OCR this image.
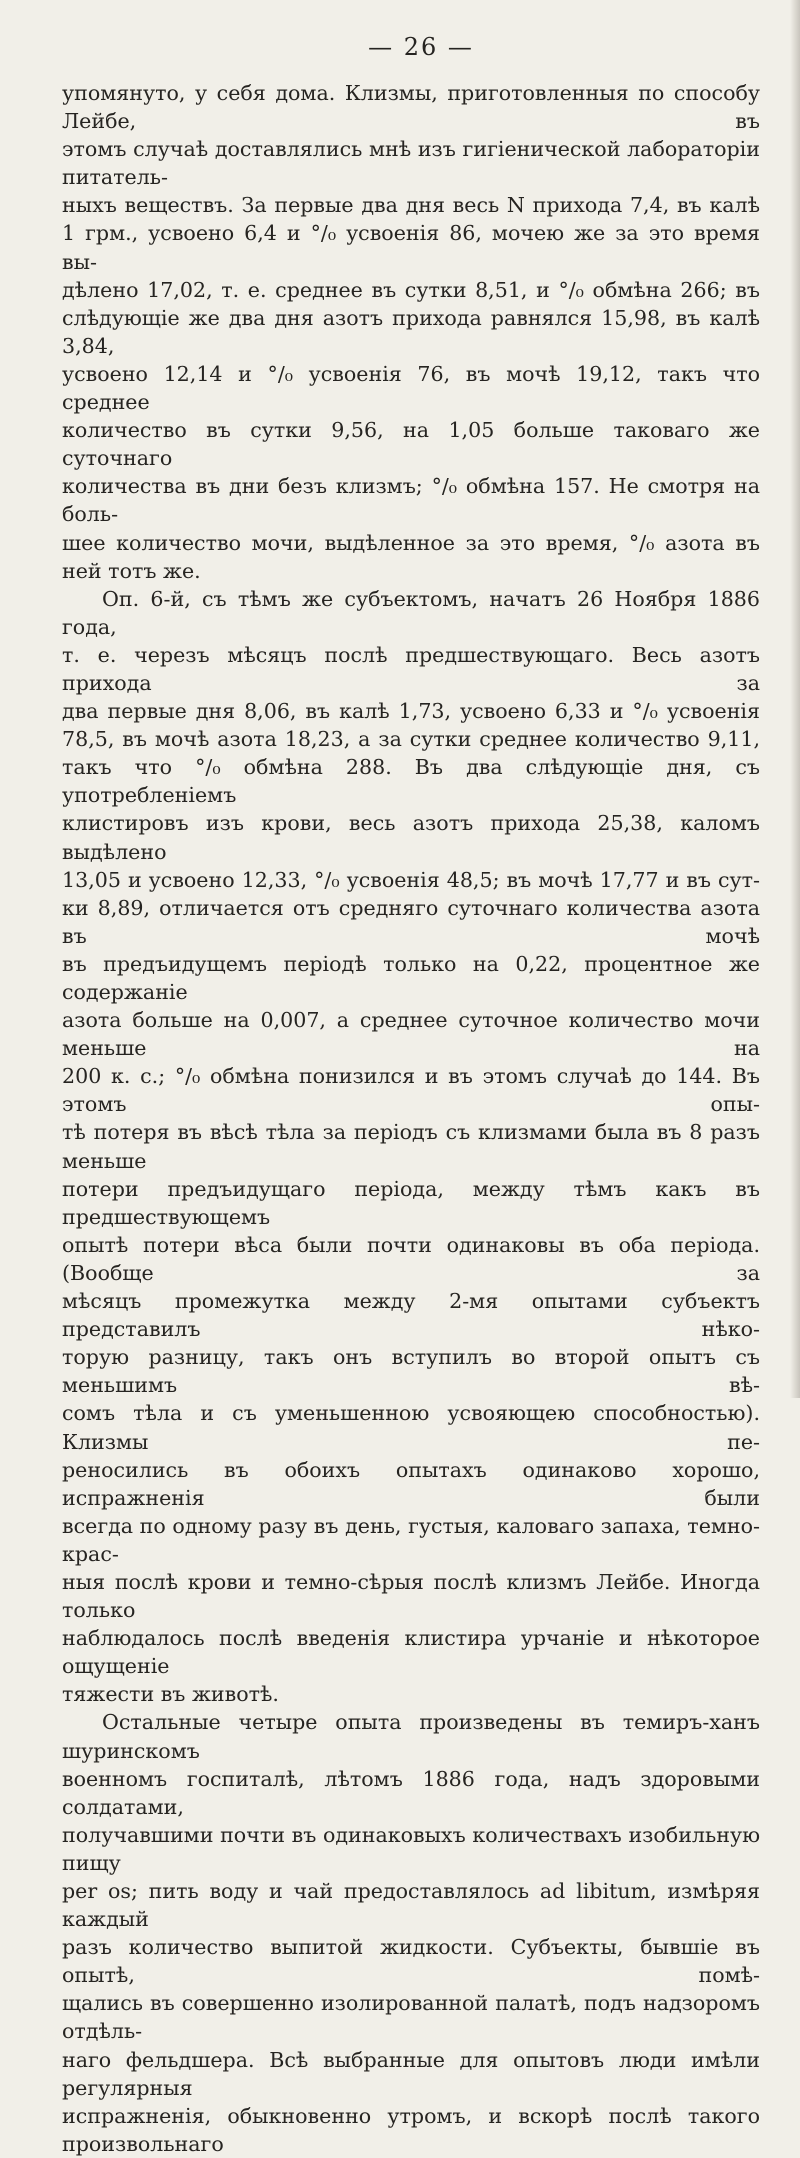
— 26 —

упомянуто, у себя дома. Клизмы, приготовленныя по способу Лейбе, въ

этомъ случаѣ доставлялись мнѣ изъ гигіенической лабораторіи питатель-

ныхъ веществъ. За первые два дня весь N прихода 7,4, въ калѣ

1 грм., усвоено 6,4 и °/₀ усвоенія 86, мочею же за это время вы-

дѣлено 17,02, т. е. среднее въ сутки 8,51, и °/₀ обмѣна 266; въ

слѣдующіе же два дня азотъ прихода равнялся 15,98, въ калѣ 3,84,

усвоено 12,14 и °/₀ усвоенія 76, въ мочѣ 19,12, такъ что среднее

количество въ сутки 9,56, на 1,05 больше таковаго же суточнаго

количества въ дни безъ клизмъ; °/₀ обмѣна 157. Не смотря на боль-

шее количество мочи, выдѣленное за это время, °/₀ азота въ ней тотъ же.

Оп. 6-й, съ тѣмъ же субъектомъ, начатъ 26 Ноября 1886 года,

т. е. черезъ мѣсяцъ послѣ предшествующаго. Весь азотъ прихода за

два первые дня 8,06, въ калѣ 1,73, усвоено 6,33 и °/₀ усвоенія

78,5, въ мочѣ азота 18,23, а за сутки среднее количество 9,11,

такъ что °/₀ обмѣна 288. Въ два слѣдующіе дня, съ употребленіемъ

клистировъ изъ крови, весь азотъ прихода 25,38, каломъ выдѣлено

13,05 и усвоено 12,33, °/₀ усвоенія 48,5; въ мочѣ 17,77 и въ сут-

ки 8,89, отличается отъ средняго суточнаго количества азота въ мочѣ

въ предъидущемъ періодѣ только на 0,22, процентное же содержаніе

азота больше на 0,007, а среднее суточное количество мочи меньше на

200 к. с.; °/₀ обмѣна понизился и въ этомъ случаѣ до 144. Въ этомъ опы-

тѣ потеря въ вѣсѣ тѣла за періодъ съ клизмами была въ 8 разъ меньше

потери предъидущаго періода, между тѣмъ какъ въ предшествующемъ

опытѣ потери вѣса были почти одинаковы въ оба періода. (Вообще за

мѣсяцъ промежутка между 2-мя опытами субъектъ представилъ нѣко-

торую разницу, такъ онъ вступилъ во второй опытъ съ меньшимъ вѣ-

сомъ тѣла и съ уменьшенною усвояющею способностью). Клизмы пе-

реносились въ обоихъ опытахъ одинаково хорошо, испражненія были

всегда по одному разу въ день, густыя, каловаго запаха, темно-крас-

ныя послѣ крови и темно-сѣрыя послѣ клизмъ Лейбе. Иногда только

наблюдалось послѣ введенія клистира урчаніе и нѣкоторое ощущеніе

тяжести въ животѣ.

Остальные четыре опыта произведены въ темиръ-ханъ шуринскомъ

военномъ госпиталѣ, лѣтомъ 1886 года, надъ здоровыми солдатами,

получавшими почти въ одинаковыхъ количествахъ изобильную пищу

per os; пить воду и чай предоставлялось ad libitum, измѣряя каждый

разъ количество выпитой жидкости. Субъекты, бывшіе въ опытѣ, помѣ-

щались въ совершенно изолированной палатѣ, подъ надзоромъ отдѣль-

наго фельдшера. Всѣ выбранные для опытовъ люди имѣли регулярныя

испражненія, обыкновенно утромъ, и вскорѣ послѣ такого произвольнаго
